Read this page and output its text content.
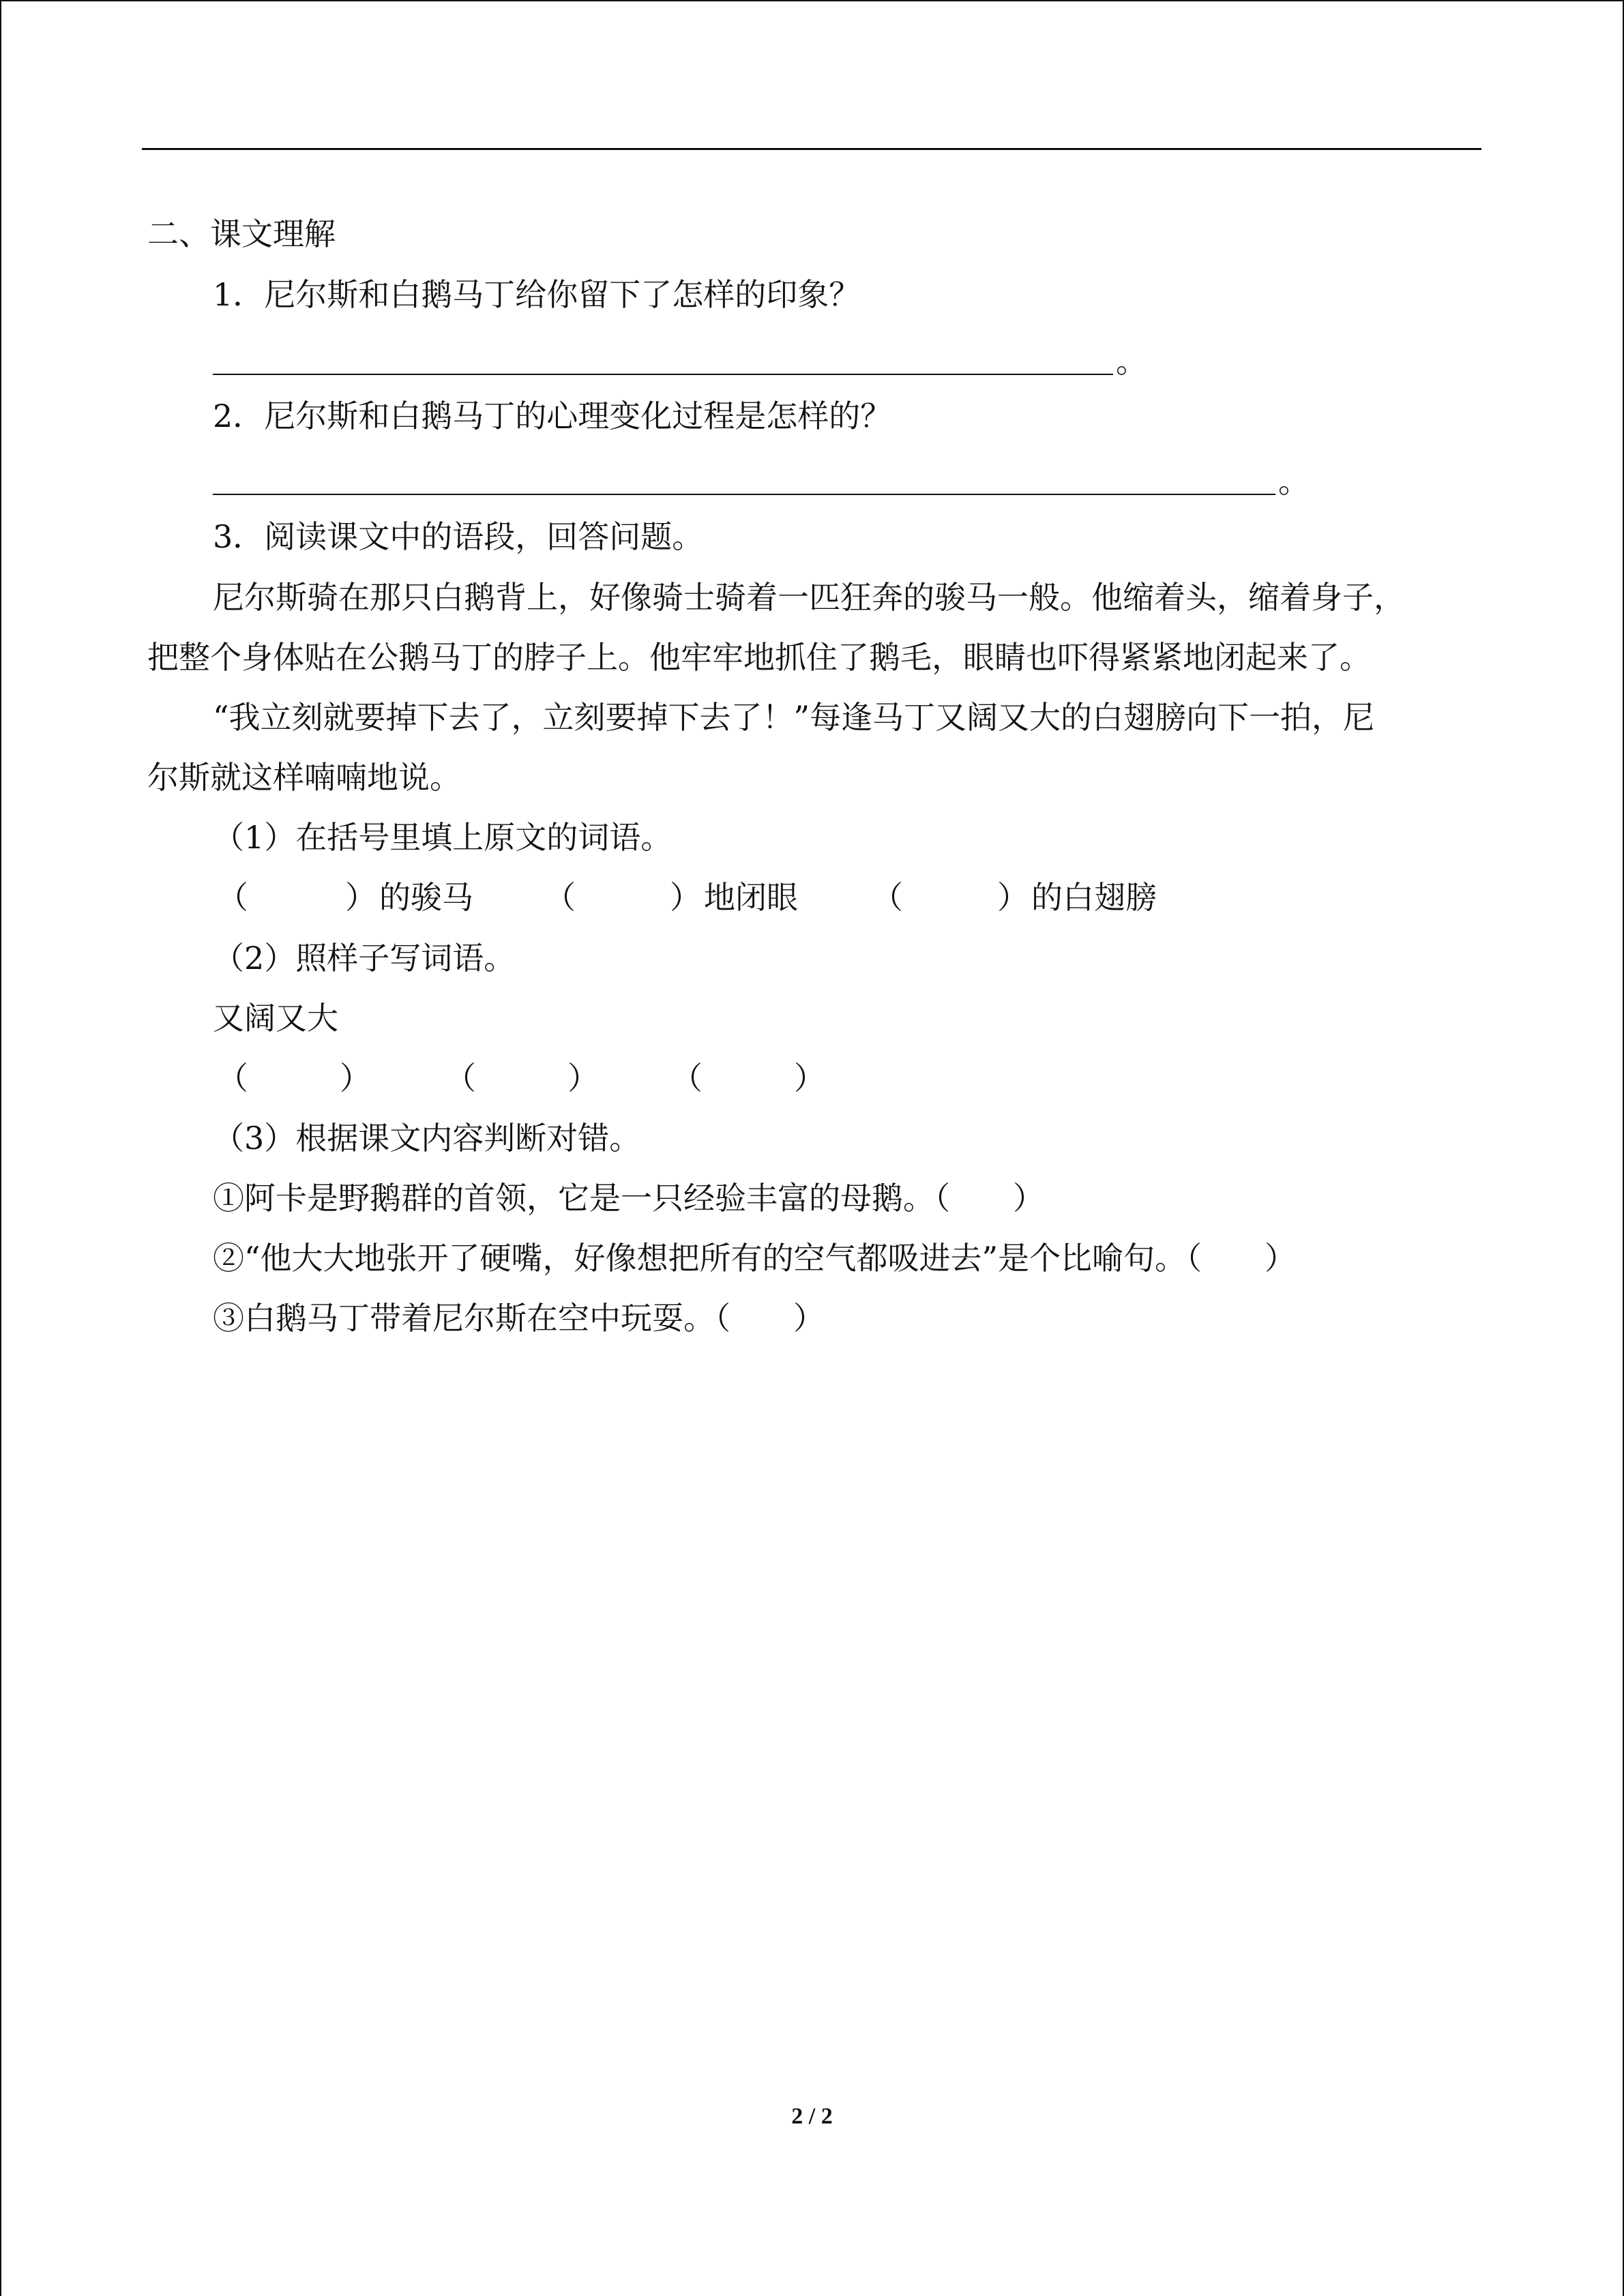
二、课文理解
1．尼尔斯和白鹅马丁给你留下了怎样的印象？
。
2．尼尔斯和白鹅马丁的心理变化过程是怎样的？
。
3．阅读课文中的语段，回答问题。
尼尔斯骑在那只白鹅背上，好像骑士骑着一匹狂奔的骏马一般。他缩着头，缩着身子，
把整个身体贴在公鹅马丁的脖子上。他牢牢地抓住了鹅毛，眼睛也吓得紧紧地闭起来了。
“我立刻就要掉下去了，立刻要掉下去了！”每逢马丁又阔又大的白翅膀向下一拍，尼
尔斯就这样喃喃地说。
（1）在括号里填上原文的词语。
（	） 的骏马 （	） 地闭眼 （	） 的白翅膀
（2）照样子写词语。
又阔又大
（	） （	） （	）
（3）根据课文内容判断对错。
①阿卡是野鹅群的首领，它是一只经验丰富的母鹅。（　　）
②“他大大地张开了硬嘴，好像想把所有的空气都吸进去”是个比喻句。（　　）
③白鹅马丁带着尼尔斯在空中玩耍。（　　）
2 / 2
